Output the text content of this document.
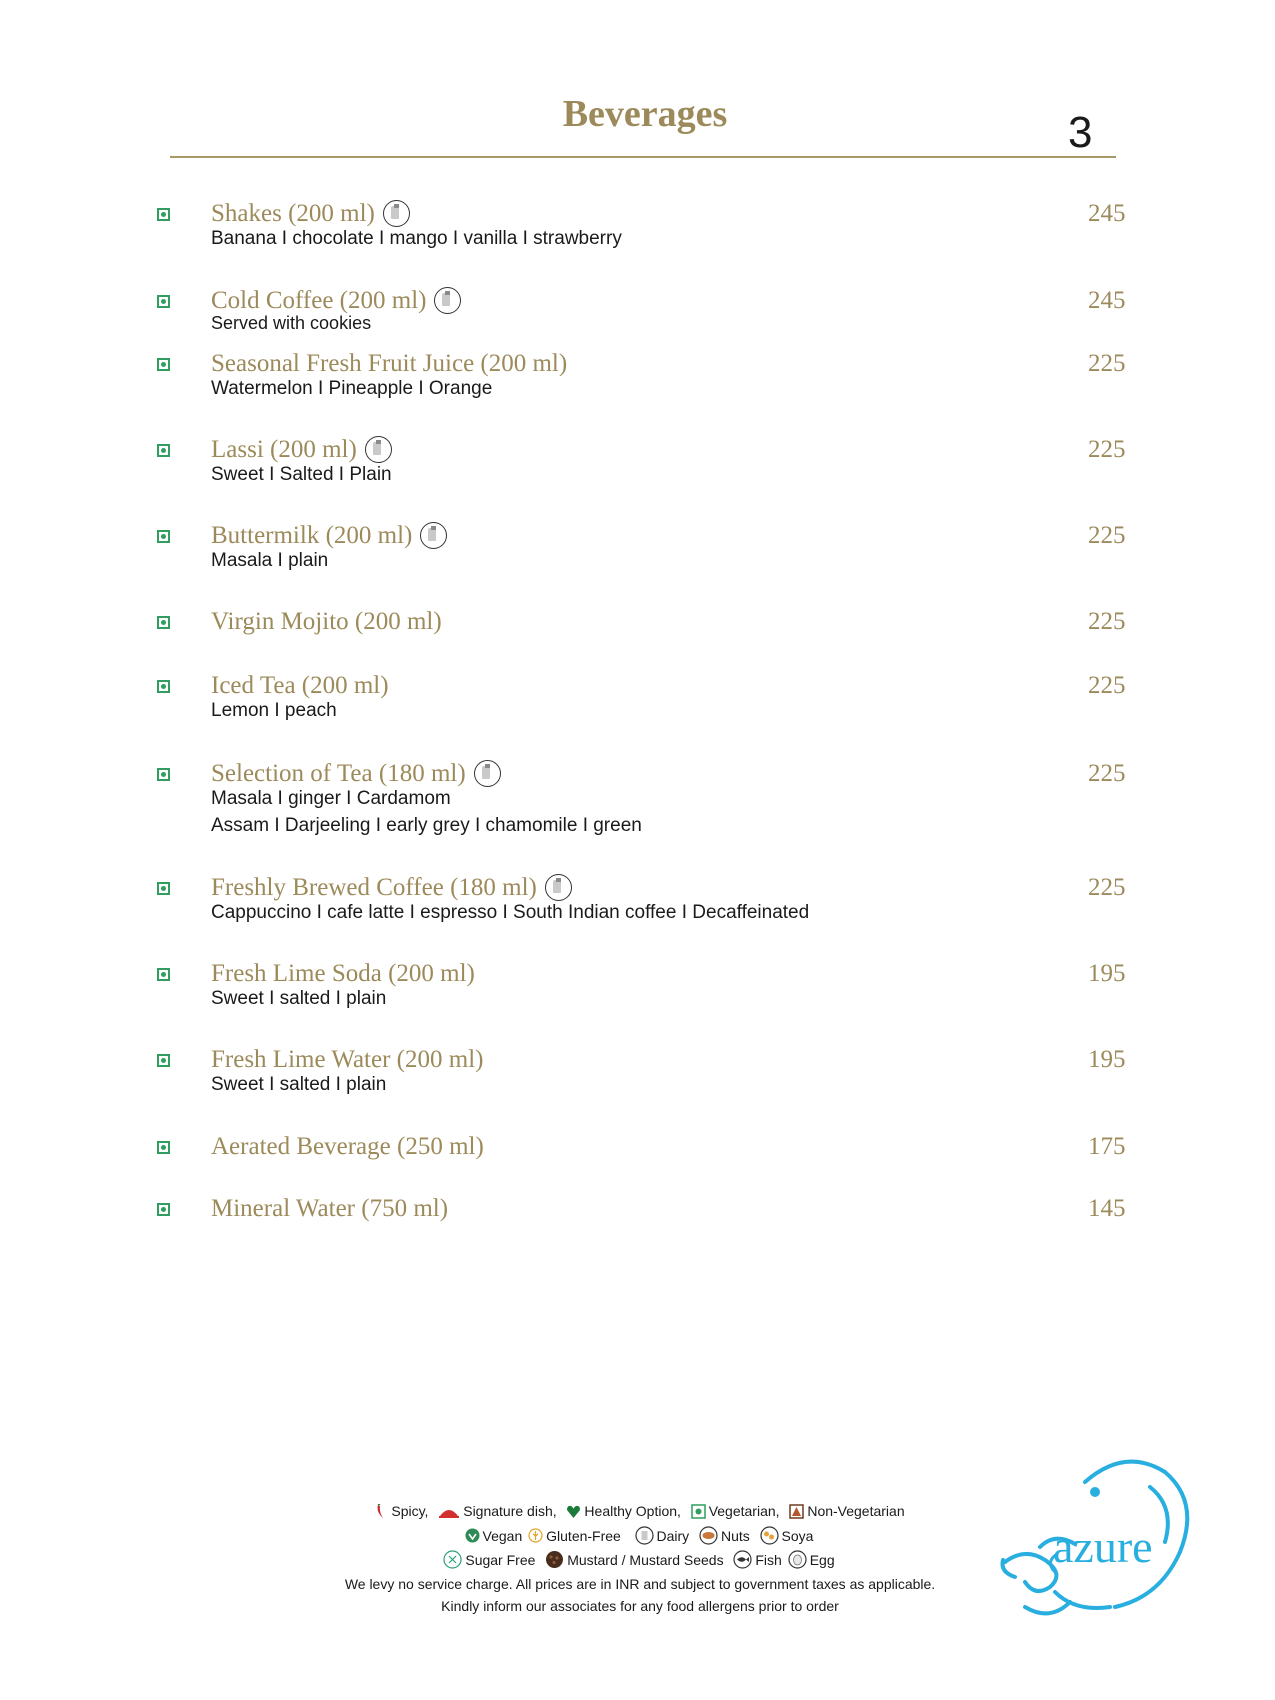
Beverages	3
Shakes (200 ml)	245
Banana I chocolate I mango I vanilla I strawberry
Cold Coffee (200 ml)	245
Served with cookies
Seasonal Fresh Fruit Juice (200 ml)	225
Watermelon I Pineapple I Orange
Lassi (200 ml)	225
Sweet I Salted I Plain
Buttermilk (200 ml)	225
Masala I plain
Virgin Mojito (200 ml)	225
Iced Tea (200 ml)	225
Lemon I peach
Selection of Tea (180 ml)	225
Masala I ginger I Cardamom
Assam I Darjeeling I early grey I chamomile I green
Freshly Brewed Coffee (180 ml)	225
Cappuccino I cafe latte I espresso I South Indian coffee I Decaffeinated
Fresh Lime Soda (200 ml)	195
Sweet I salted I plain
Fresh Lime Water (200 ml)	195
Sweet I salted I plain
Aerated Beverage (250 ml)	175
Mineral Water (750 ml)	145
Spicy, Signature dish, Healthy Option, Vegetarian, Non-Vegetarian
Vegan Gluten-Free	Dairy Nuts Soya
Sugar Free Mustard / Mustard Seeds Fish Egg
We levy no service charge. All prices are in INR and subject to government taxes as applicable.
Kindly inform our associates for any food allergens prior to order
azure
